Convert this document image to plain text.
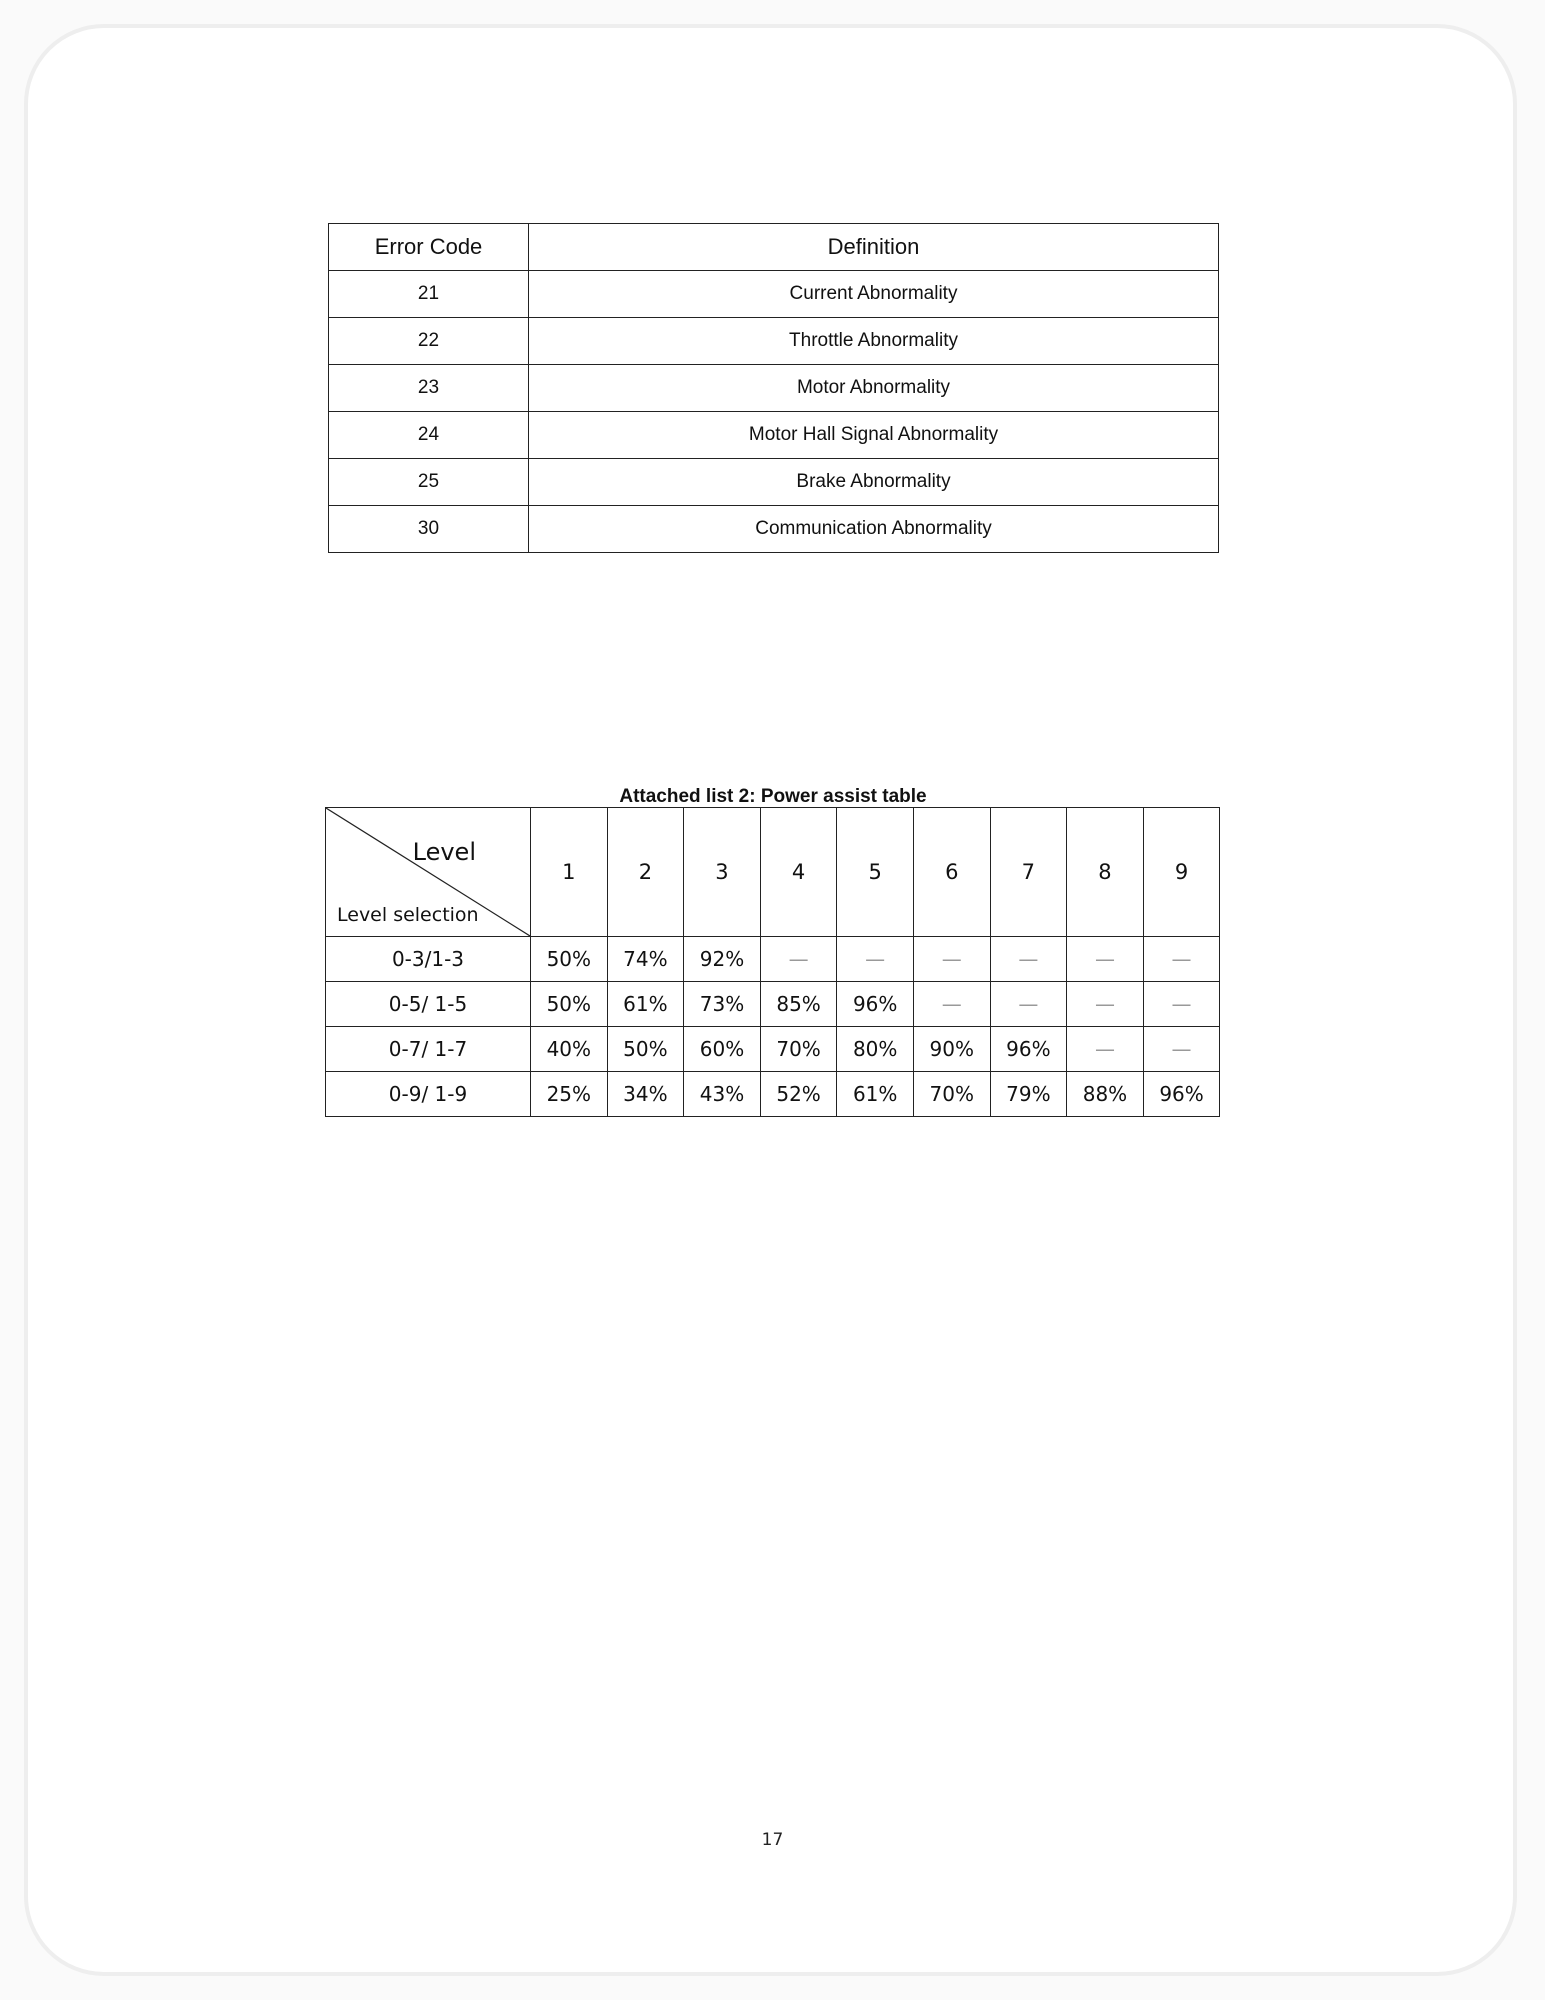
Error Code	Definition
21	Current Abnormality
22	Throttle Abnormality
23	Motor Abnormality
24	Motor Hall Signal Abnormality
25	Brake Abnormality
30	Communication Abnormality
Attached list 2: Power assist table
Level
Level selection	1	2	3	4	5	6	7	8	9
0-3/1-3	50%	74%	92%	—	—	—	—	—	—
0-5/ 1-5	50%	61%	73%	85%	96%	—	—	—	—
0-7/ 1-7	40%	50%	60%	70%	80%	90%	96%	—	—
0-9/ 1-9	25%	34%	43%	52%	61%	70%	79%	88%	96%
17
